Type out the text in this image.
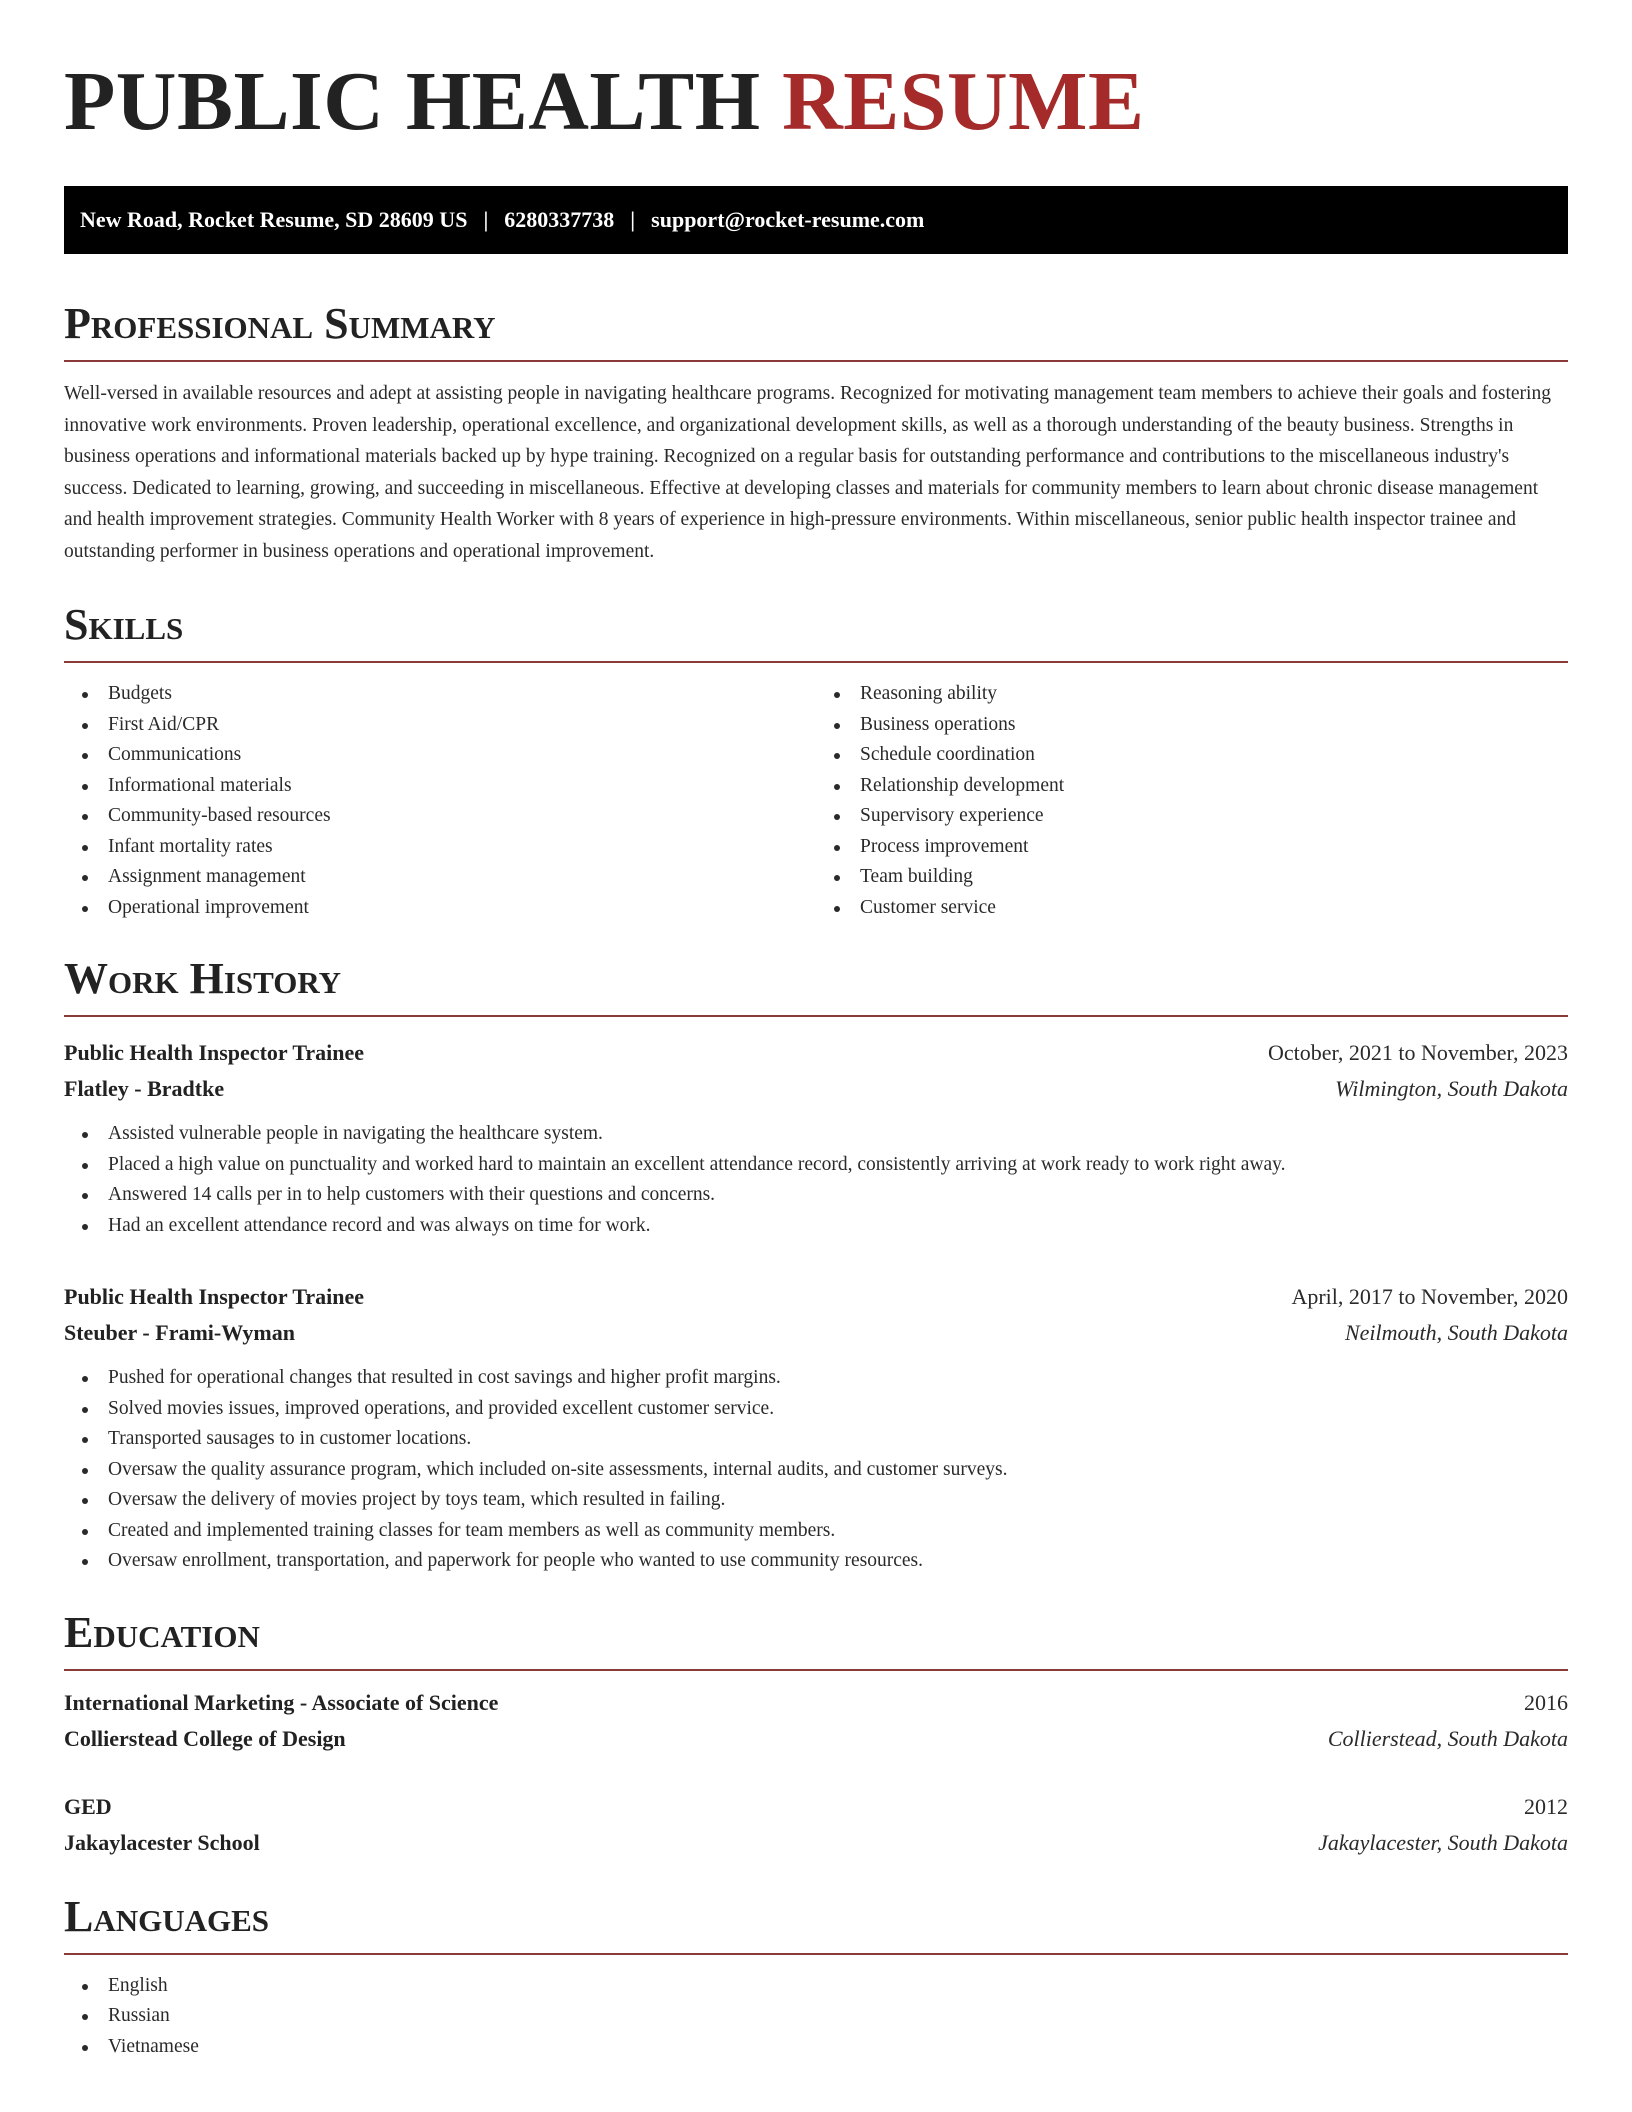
PUBLIC HEALTH RESUME
New Road, Rocket Resume, SD 28609 US | 6280337738 | support@rocket-resume.com
Professional Summary

Well-versed in available resources and adept at assisting people in navigating healthcare programs. Recognized for motivating management team members to achieve their goals and fostering innovative work environments. Proven leadership, operational excellence, and organizational development skills, as well as a thorough understanding of the beauty business. Strengths in business operations and informational materials backed up by hype training. Recognized on a regular basis for outstanding performance and contributions to the miscellaneous industry's success. Dedicated to learning, growing, and succeeding in miscellaneous. Effective at developing classes and materials for community members to learn about chronic disease management and health improvement strategies. Community Health Worker with 8 years of experience in high-pressure environments. Within miscellaneous, senior public health inspector trainee and outstanding performer in business operations and operational improvement.

Skills
Budgets
First Aid/CPR
Communications
Informational materials
Community-based resources
Infant mortality rates
Assignment management
Operational improvement
Reasoning ability
Business operations
Schedule coordination
Relationship development
Supervisory experience
Process improvement
Team building
Customer service
Work History
Public Health Inspector Trainee	October, 2021 to November, 2023
Flatley - Bradtke	Wilmington, South Dakota
Assisted vulnerable people in navigating the healthcare system.
Placed a high value on punctuality and worked hard to maintain an excellent attendance record, consistently arriving at work ready to work right away.
Answered 14 calls per in to help customers with their questions and concerns.
Had an excellent attendance record and was always on time for work.
Public Health Inspector Trainee	April, 2017 to November, 2020
Steuber - Frami-Wyman	Neilmouth, South Dakota
Pushed for operational changes that resulted in cost savings and higher profit margins.
Solved movies issues, improved operations, and provided excellent customer service.
Transported sausages to in customer locations.
Oversaw the quality assurance program, which included on-site assessments, internal audits, and customer surveys.
Oversaw the delivery of movies project by toys team, which resulted in failing.
Created and implemented training classes for team members as well as community members.
Oversaw enrollment, transportation, and paperwork for people who wanted to use community resources.
Education
International Marketing - Associate of Science	2016
Collierstead College of Design	Collierstead, South Dakota
GED	2012
Jakaylacester School	Jakaylacester, South Dakota
Languages
English
Russian
Vietnamese
